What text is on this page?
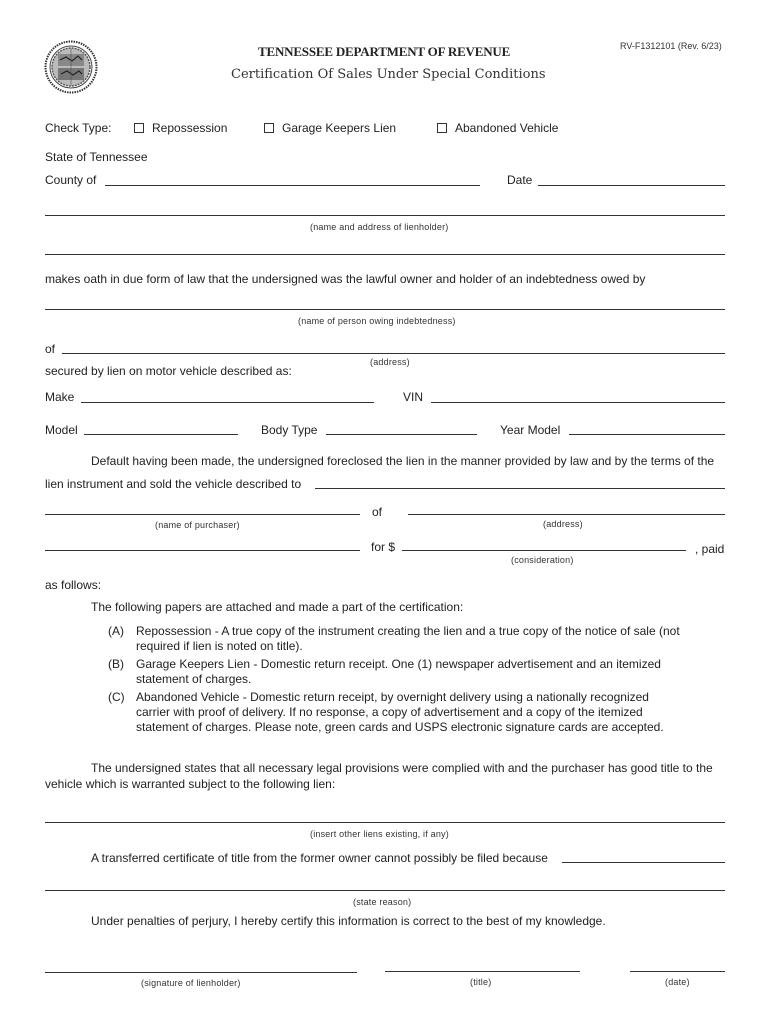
TENNESSEE DEPARTMENT OF REVENUE
Certification Of Sales Under Special Conditions
RV-F1312101 (Rev. 6/23)
Check Type:	Repossession	Garage Keepers Lien	Abandoned Vehicle
State of Tennessee
County of	Date
(name and address of lienholder)
makes oath in due form of law that the undersigned was the lawful owner and holder of an indebtedness owed by
(name of person owing indebtedness)
of
(address)
secured by lien on motor vehicle described as:
Make	VIN
Model	Body Type	Year Model
Default having been made, the undersigned foreclosed the lien in the manner provided by law and by the terms of the
lien instrument and sold the vehicle described to
of
(name of purchaser)	(address)
for $	, paid
(consideration)
as follows:
The following papers are attached and made a part of the certification:
(A) Repossession - A true copy of the instrument creating the lien and a true copy of the notice of sale (not
required if lien is noted on title).
(B) Garage Keepers Lien - Domestic return receipt. One (1) newspaper advertisement and an itemized
statement of charges.
(C) Abandoned Vehicle - Domestic return receipt, by overnight delivery using a nationally recognized
carrier with proof of delivery. If no response, a copy of advertisement and a copy of the itemized
statement of charges. Please note, green cards and USPS electronic signature cards are accepted.
The undersigned states that all necessary legal provisions were complied with and the purchaser has good title to the
vehicle which is warranted subject to the following lien:
(insert other liens existing, if any)
A transferred certificate of title from the former owner cannot possibly be filed because
(state reason)
Under penalties of perjury, I hereby certify this information is correct to the best of my knowledge.
(signature of lienholder)	(title)	(date)
